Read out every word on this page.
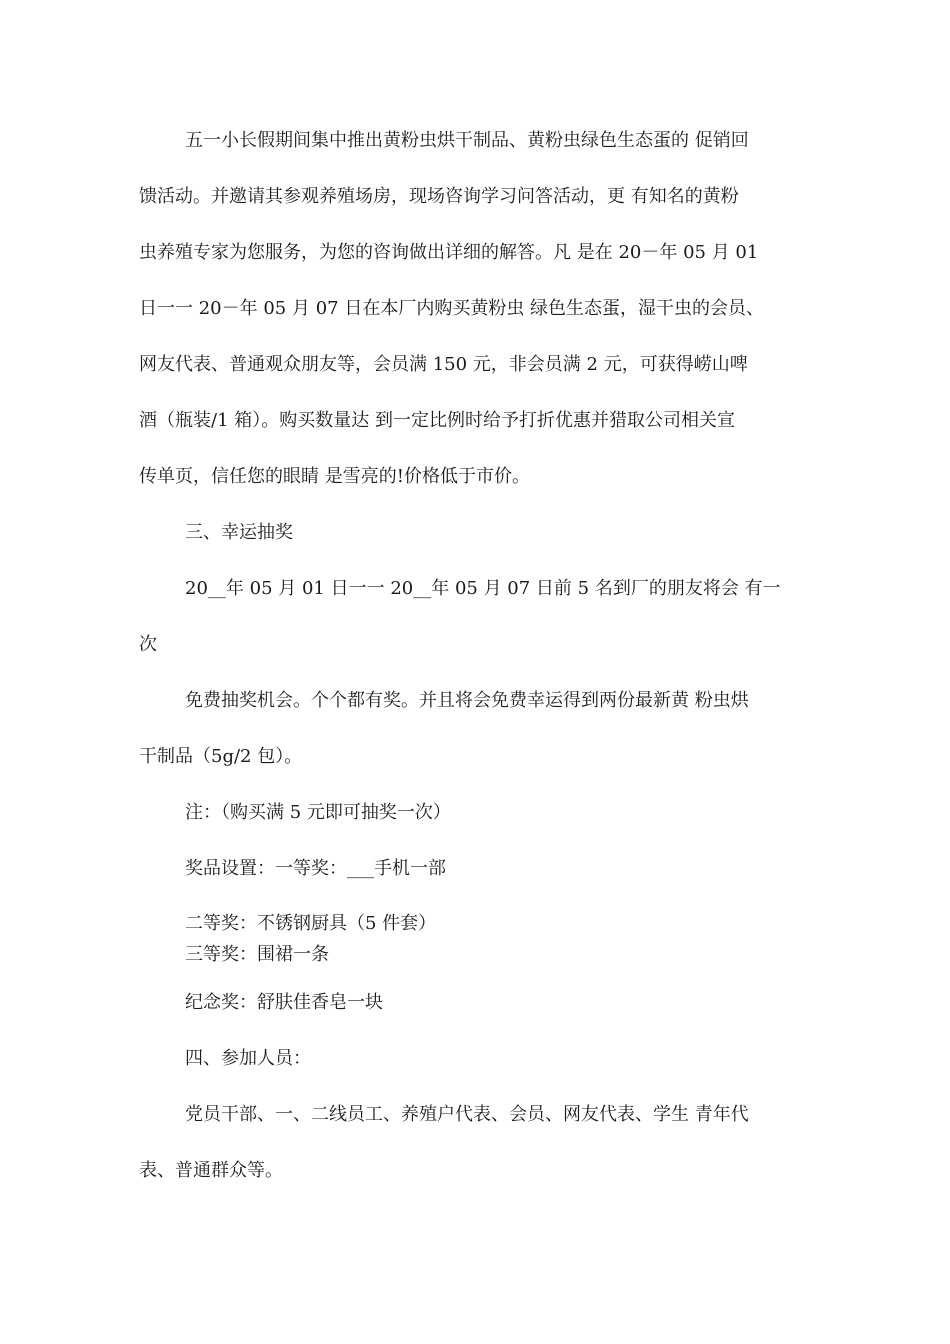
五一小长假期间集中推出黄粉虫烘干制品、黄粉虫绿色生态蛋的 促销回

馈活动。并邀请其参观养殖场房，现场咨询学习问答活动，更 有知名的黄粉

虫养殖专家为您服务，为您的咨询做出详细的解答。凡 是在 20－年 05 月 01

日一一 20－年 05 月 07 日在本厂内购买黄粉虫 绿色生态蛋，湿干虫的会员、

网友代表、普通观众朋友等，会员满 150 元，非会员满 2 元，可获得崂山啤

酒（瓶装/1 箱）。购买数量达 到一定比例时给予打折优惠并猎取公司相关宣

传单页，信任您的眼睛 是雪亮的!价格低于市价。

三、幸运抽奖

20__年 05 月 01 日一一 20__年 05 月 07 日前 5 名到厂的朋友将会 有一

次

免费抽奖机会。个个都有奖。并且将会免费幸运得到两份最新黄 粉虫烘

干制品（5g/2 包）。

注：（购买满 5 元即可抽奖一次）

奖品设置：一等奖：___手机一部

二等奖：不锈钢厨具（5 件套）

三等奖：围裙一条

纪念奖：舒肤佳香皂一块

四、参加人员：

党员干部、一、二线员工、养殖户代表、会员、网友代表、学生 青年代

表、普通群众等。
